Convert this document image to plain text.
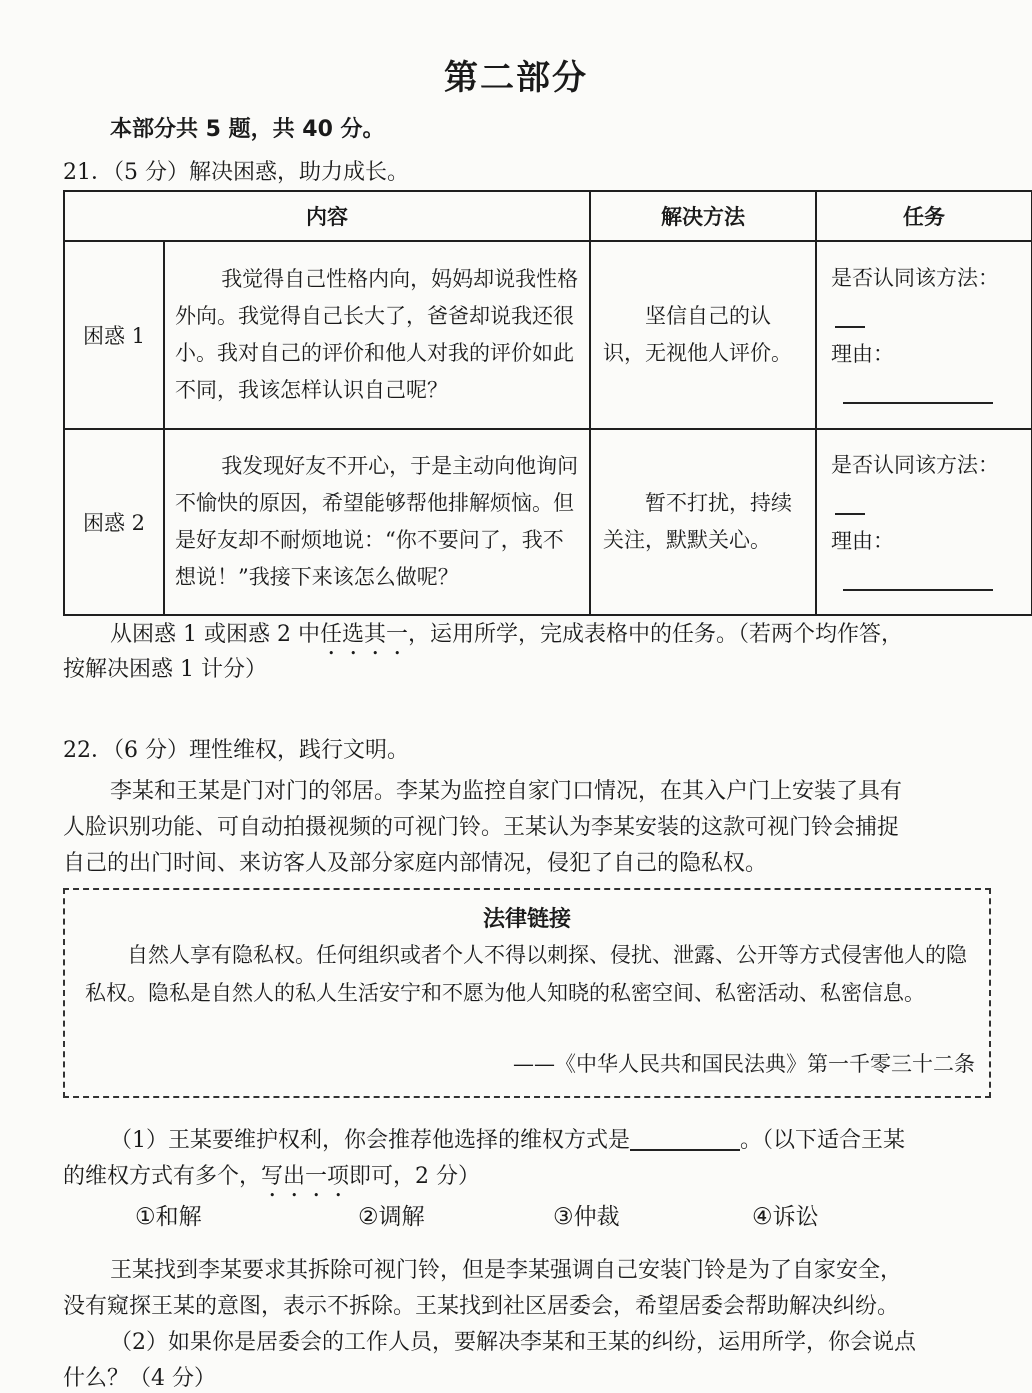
第二部分
本部分共 5 题，共 40 分。
21．（5 分）解决困惑，助力成长。
内容		解决方法	任务
困惑 1	我觉得自己性格内向，妈妈却说我性格外向。我觉得自己长大了，爸爸却说我还很小。我对自己的评价和他人对我的评价如此不同，我该怎样认识自己呢？	坚信自己的认识，无视他人评价。	是否认同该方法：
理由：

困惑 2	我发现好友不开心，于是主动向他询问不愉快的原因，希望能够帮他排解烦恼。但是好友却不耐烦地说：“你不要问了，我不想说！”我接下来该怎么做呢？	暂不打扰，持续关注，默默关心。	是否认同该方法：
理由：
从困惑 1 或困惑 2 中任选其一，运用所学，完成表格中的任务。（若两个均作答，
按解决困惑 1 计分）
22．（6 分）理性维权，践行文明。
李某和王某是门对门的邻居。李某为监控自家门口情况，在其入户门上安装了具有
人脸识别功能、可自动拍摄视频的可视门铃。王某认为李某安装的这款可视门铃会捕捉
自己的出门时间、来访客人及部分家庭内部情况，侵犯了自己的隐私权。
法律链接
自然人享有隐私权。任何组织或者个人不得以刺探、侵扰、泄露、公开等方式侵害他人的隐私权。隐私是自然人的私人生活安宁和不愿为他人知晓的私密空间、私密活动、私密信息。
——《中华人民共和国民法典》第一千零三十二条
（1）王某要维护权利，你会推荐他选择的维权方式是	。（以下适合王某
的维权方式有多个，写出一项即可，2 分）
①和解	②调解	③仲裁	④诉讼
王某找到李某要求其拆除可视门铃，但是李某强调自己安装门铃是为了自家安全，
没有窥探王某的意图，表示不拆除。王某找到社区居委会，希望居委会帮助解决纠纷。
（2）如果你是居委会的工作人员，要解决李某和王某的纠纷，运用所学，你会说点
什么？（4 分）
